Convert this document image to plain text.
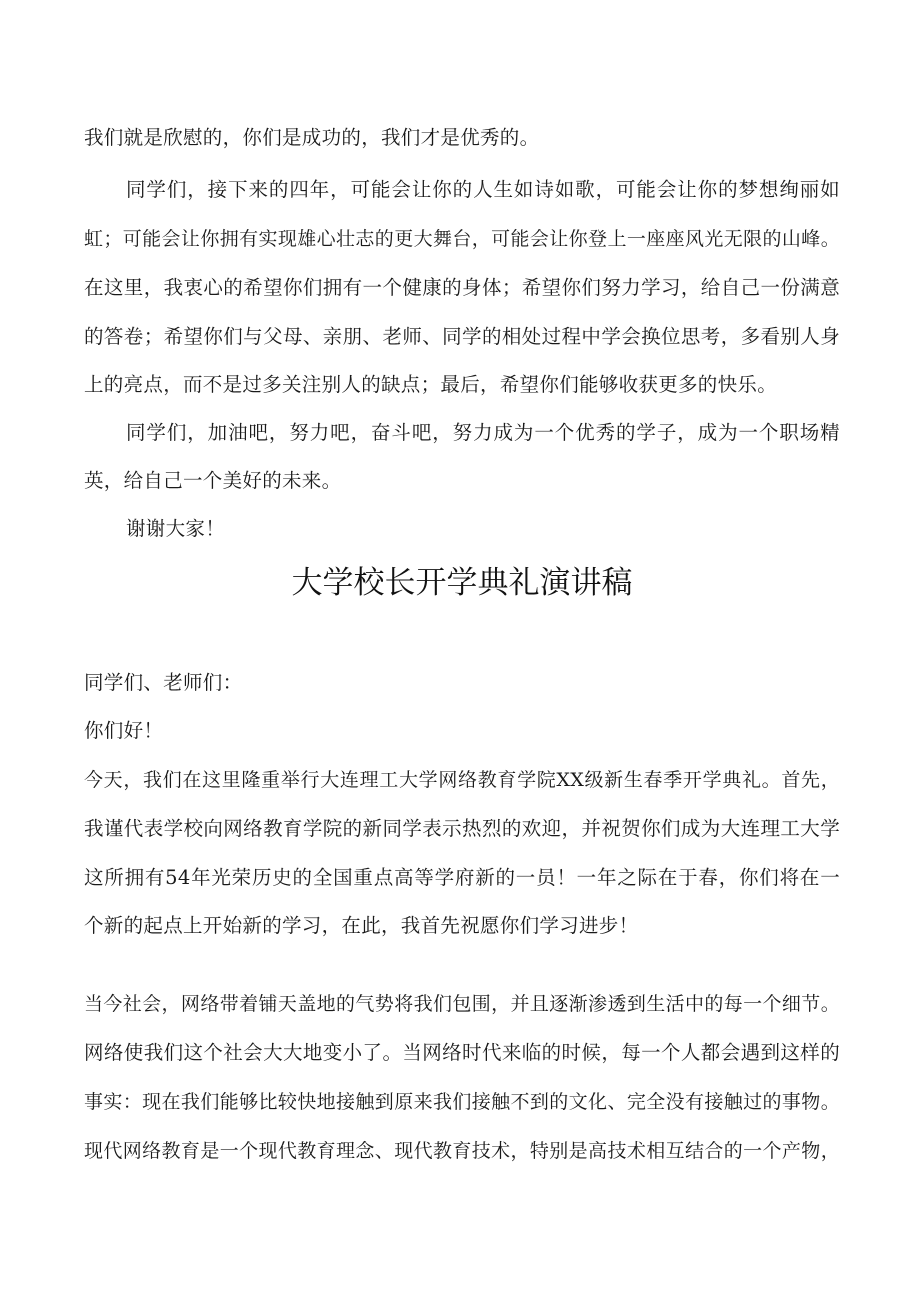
我们就是欣慰的，你们是成功的，我们才是优秀的。
同学们，接下来的四年，可能会让你的人生如诗如歌，可能会让你的梦想绚丽如
虹；可能会让你拥有实现雄心壮志的更大舞台，可能会让你登上一座座风光无限的山峰。
在这里，我衷心的希望你们拥有一个健康的身体；希望你们努力学习，给自己一份满意
的答卷；希望你们与父母、亲朋、老师、同学的相处过程中学会换位思考，多看别人身
上的亮点，而不是过多关注别人的缺点；最后，希望你们能够收获更多的快乐。
同学们，加油吧，努力吧，奋斗吧，努力成为一个优秀的学子，成为一个职场精
英，给自己一个美好的未来。
谢谢大家！
大学校长开学典礼演讲稿
同学们、老师们：
你们好！
今天，我们在这里隆重举行大连理工大学网络教育学院XX级新生春季开学典礼。首先，
我谨代表学校向网络教育学院的新同学表示热烈的欢迎，并祝贺你们成为大连理工大学
这所拥有54年光荣历史的全国重点高等学府新的一员！一年之际在于春，你们将在一
个新的起点上开始新的学习，在此，我首先祝愿你们学习进步！
当今社会，网络带着铺天盖地的气势将我们包围，并且逐渐渗透到生活中的每一个细节。
网络使我们这个社会大大地变小了。当网络时代来临的时候，每一个人都会遇到这样的
事实：现在我们能够比较快地接触到原来我们接触不到的文化、完全没有接触过的事物。
现代网络教育是一个现代教育理念、现代教育技术，特别是高技术相互结合的一个产物，
